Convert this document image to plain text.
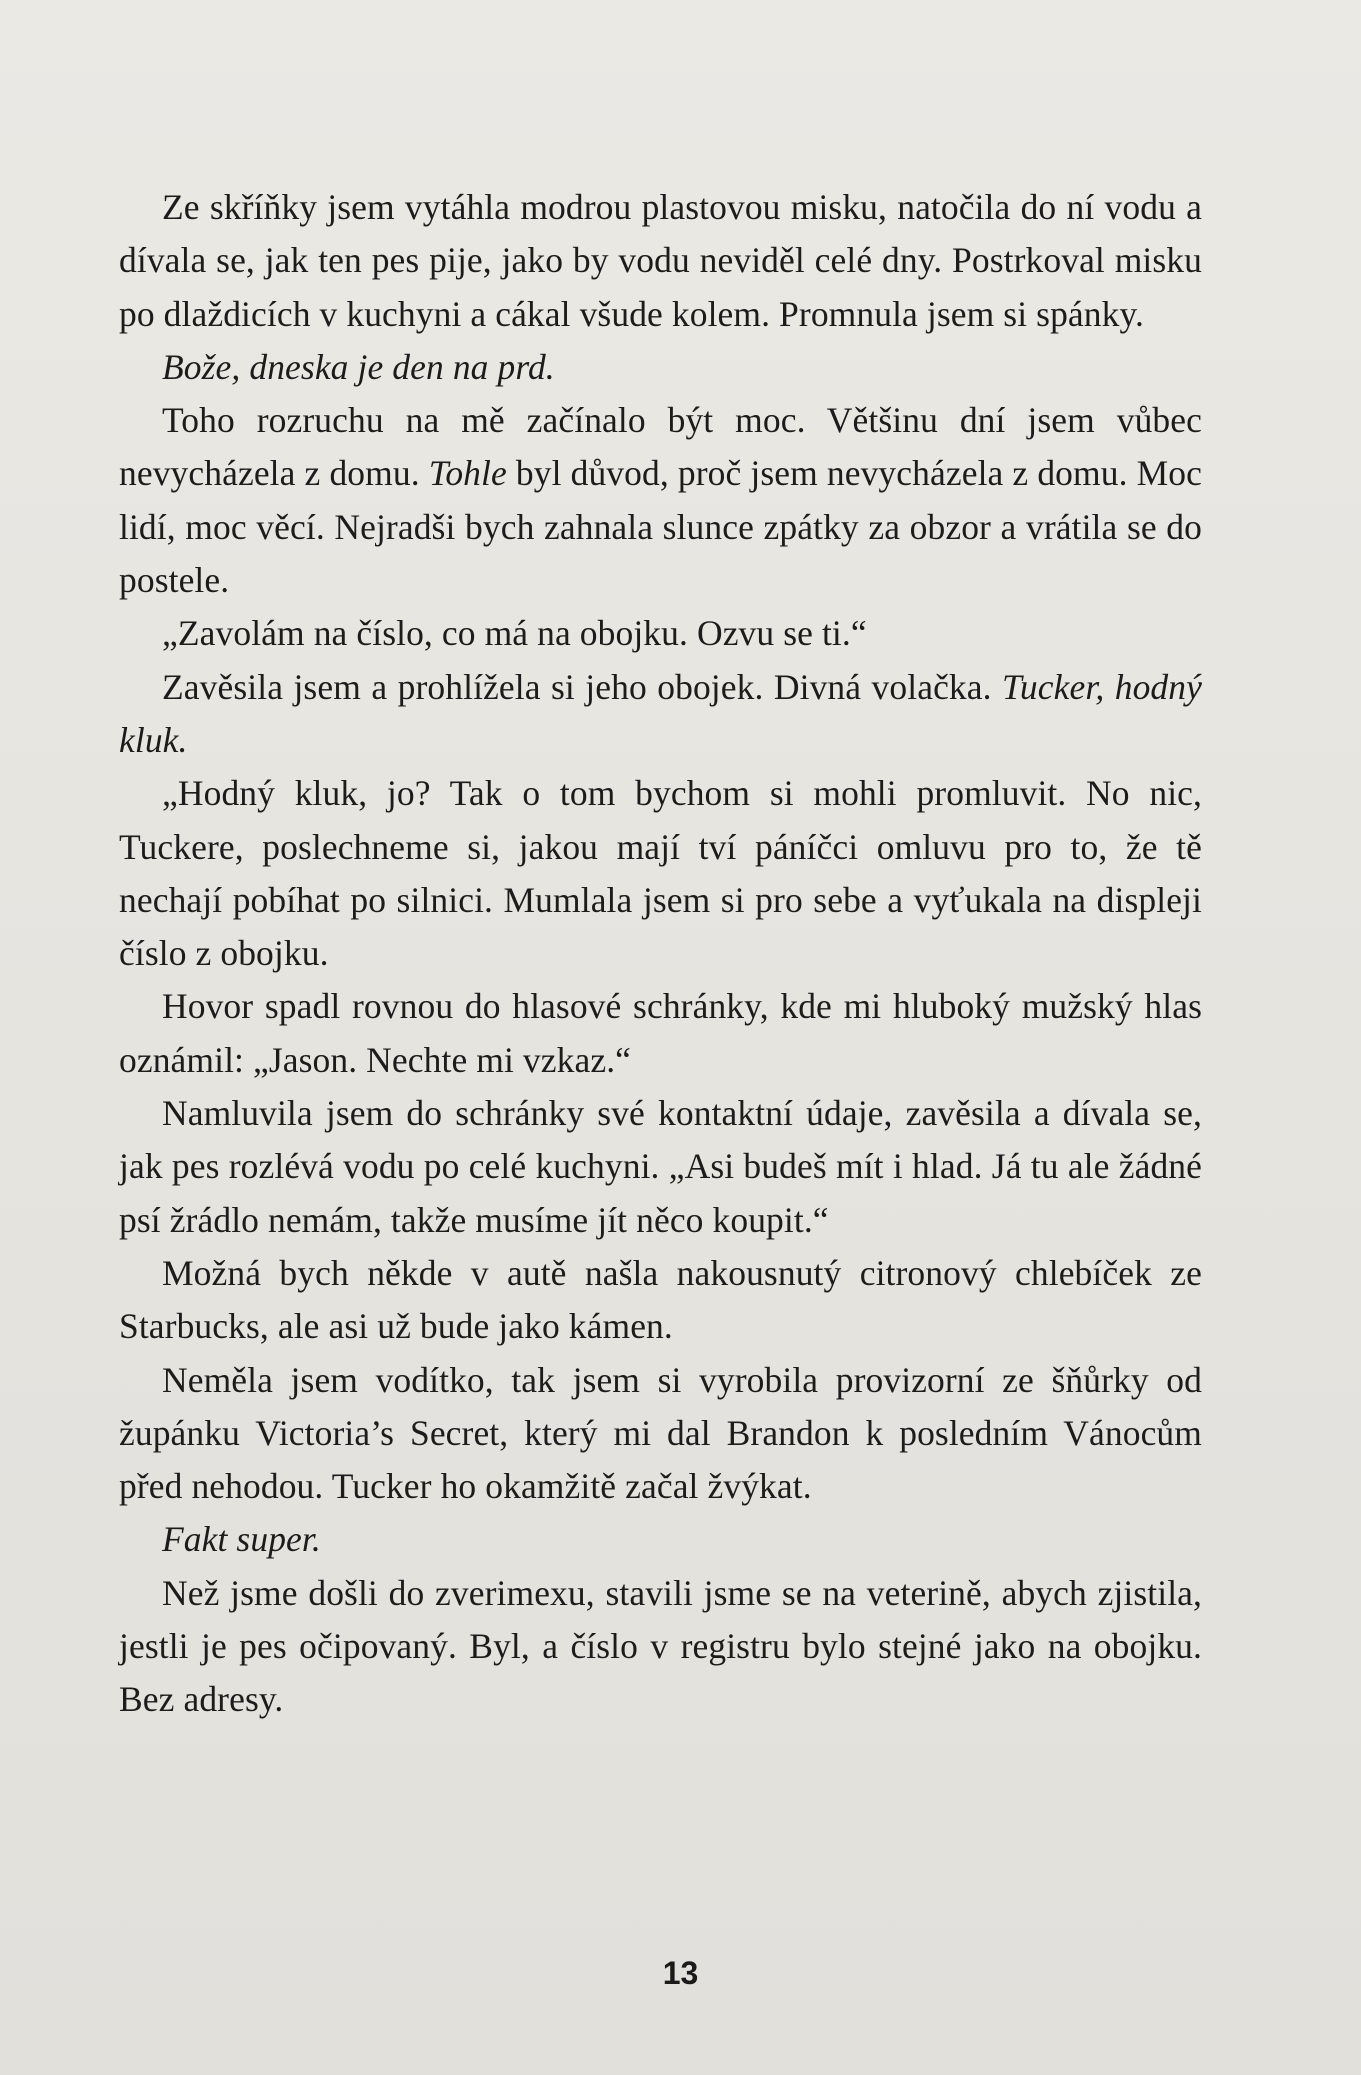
Ze skříňky jsem vytáhla modrou plastovou misku, natočila do ní vodu a dívala se, jak ten pes pije, jako by vodu neviděl celé dny. Postrkoval misku po dlaždicích v kuchyni a cákal všude kolem. Promnula jsem si spánky.

Bože, dneska je den na prd.

Toho rozruchu na mě začínalo být moc. Většinu dní jsem vůbec nevycházela z domu. Tohle byl důvod, proč jsem nevycházela z domu. Moc lidí, moc věcí. Nejradši bych zahnala slunce zpátky za obzor a vrátila se do postele.

„Zavolám na číslo, co má na obojku. Ozvu se ti.“

Zavěsila jsem a prohlížela si jeho obojek. Divná volačka. Tucker, hodný kluk.

„Hodný kluk, jo? Tak o tom bychom si mohli promluvit. No nic, Tuckere, poslechneme si, jakou mají tví páníčci omluvu pro to, že tě nechají pobíhat po silnici. Mumlala jsem si pro sebe a vyťukala na displeji číslo z obojku.

Hovor spadl rovnou do hlasové schránky, kde mi hluboký mužský hlas oznámil: „Jason. Nechte mi vzkaz.“

Namluvila jsem do schránky své kontaktní údaje, zavěsila a dívala se, jak pes rozlévá vodu po celé kuchyni. „Asi budeš mít i hlad. Já tu ale žádné psí žrádlo nemám, takže musíme jít něco koupit.“

Možná bych někde v autě našla nakousnutý citronový chlebíček ze Starbucks, ale asi už bude jako kámen.

Neměla jsem vodítko, tak jsem si vyrobila provizorní ze šňůrky od župánku Victoria’s Secret, který mi dal Brandon k posledním Vánocům před nehodou. Tucker ho okamžitě začal žvýkat.

Fakt super.

Než jsme došli do zverimexu, stavili jsme se na veterině, abych zjistila, jestli je pes očipovaný. Byl, a číslo v registru bylo stejné jako na obojku. Bez adresy.

13
